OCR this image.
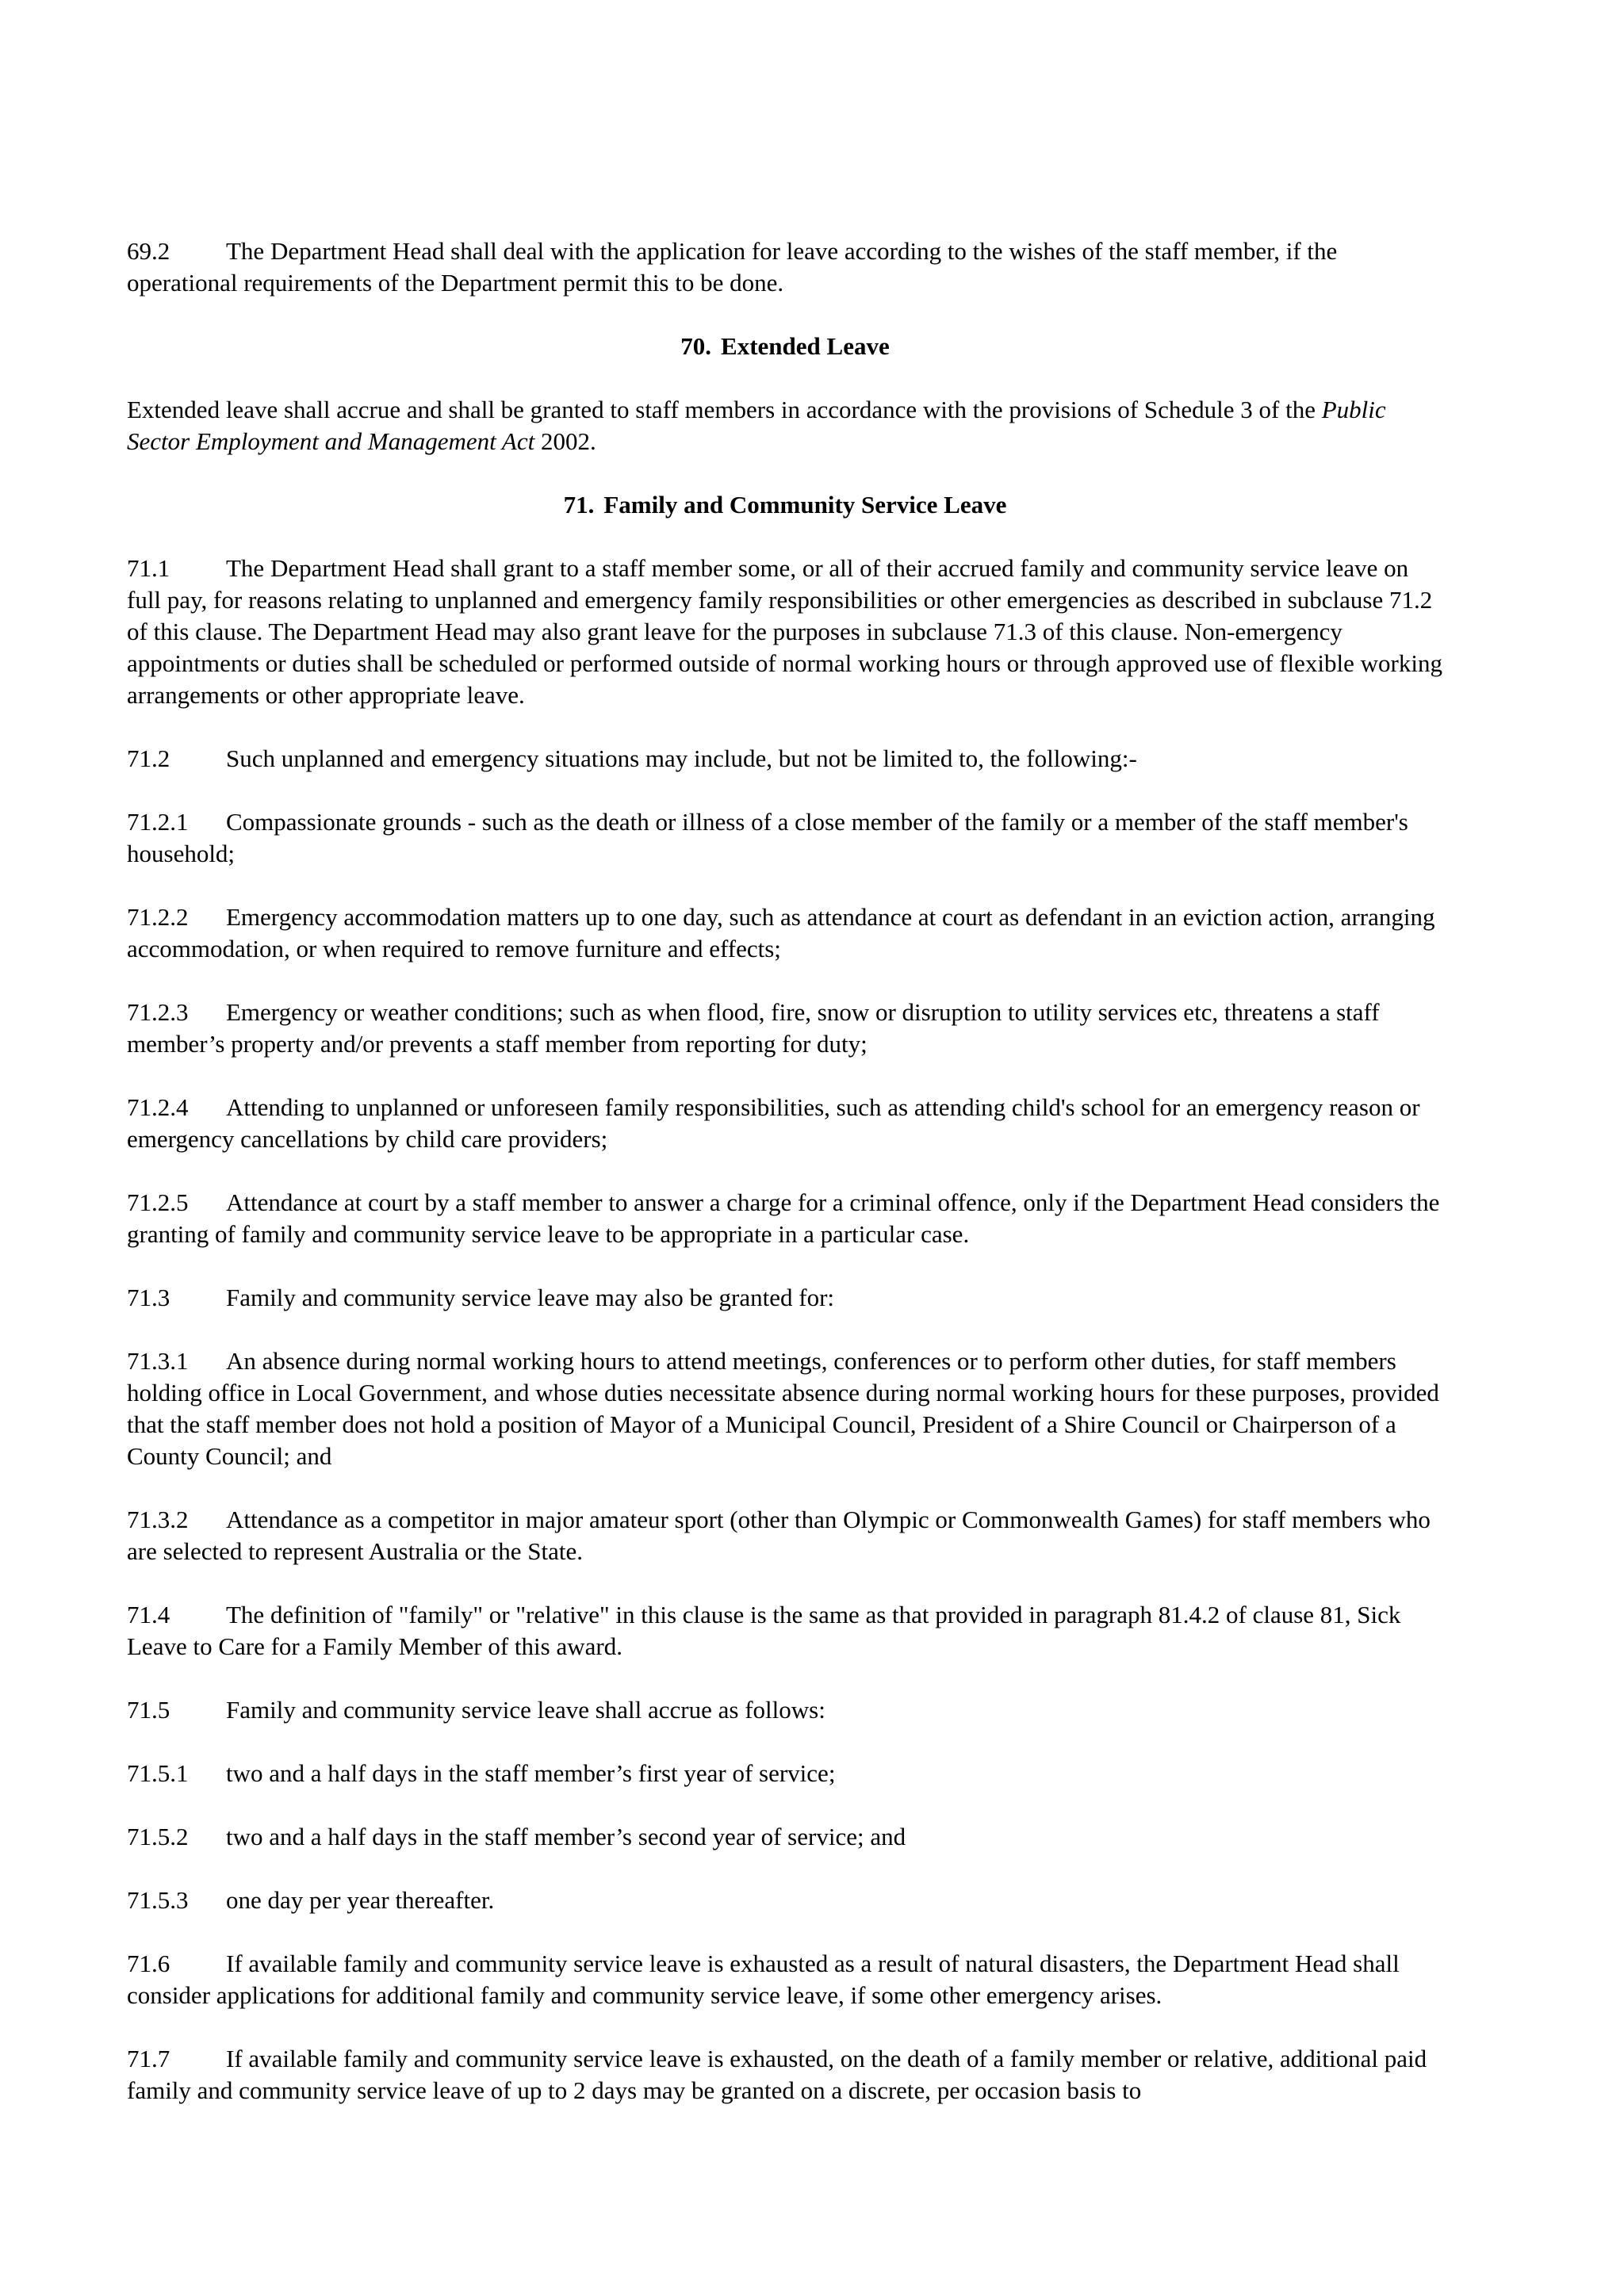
69.2 The Department Head shall deal with the application for leave according to the wishes of the staff member, if the operational requirements of the Department permit this to be done.

70. Extended Leave

Extended leave shall accrue and shall be granted to staff members in accordance with the provisions of Schedule 3 of the Public Sector Employment and Management Act 2002.

71. Family and Community Service Leave

71.1 The Department Head shall grant to a staff member some, or all of their accrued family and community service leave on full pay, for reasons relating to unplanned and emergency family responsibilities or other emergencies as described in subclause 71.2 of this clause. The Department Head may also grant leave for the purposes in subclause 71.3 of this clause. Non-emergency appointments or duties shall be scheduled or performed outside of normal working hours or through approved use of flexible working arrangements or other appropriate leave.

71.2 Such unplanned and emergency situations may include, but not be limited to, the following:-

71.2.1 Compassionate grounds - such as the death or illness of a close member of the family or a member of the staff member's household;

71.2.2 Emergency accommodation matters up to one day, such as attendance at court as defendant in an eviction action, arranging accommodation, or when required to remove furniture and effects;

71.2.3 Emergency or weather conditions; such as when flood, fire, snow or disruption to utility services etc, threatens a staff member’s property and/or prevents a staff member from reporting for duty;

71.2.4 Attending to unplanned or unforeseen family responsibilities, such as attending child's school for an emergency reason or emergency cancellations by child care providers;

71.2.5 Attendance at court by a staff member to answer a charge for a criminal offence, only if the Department Head considers the granting of family and community service leave to be appropriate in a particular case.

71.3 Family and community service leave may also be granted for:

71.3.1 An absence during normal working hours to attend meetings, conferences or to perform other duties, for staff members holding office in Local Government, and whose duties necessitate absence during normal working hours for these purposes, provided that the staff member does not hold a position of Mayor of a Municipal Council, President of a Shire Council or Chairperson of a County Council; and

71.3.2 Attendance as a competitor in major amateur sport (other than Olympic or Commonwealth Games) for staff members who are selected to represent Australia or the State.

71.4 The definition of "family" or "relative" in this clause is the same as that provided in paragraph 81.4.2 of clause 81, Sick Leave to Care for a Family Member of this award.

71.5 Family and community service leave shall accrue as follows:

71.5.1 two and a half days in the staff member’s first year of service;

71.5.2 two and a half days in the staff member’s second year of service; and

71.5.3 one day per year thereafter.

71.6 If available family and community service leave is exhausted as a result of natural disasters, the Department Head shall consider applications for additional family and community service leave, if some other emergency arises.

71.7 If available family and community service leave is exhausted, on the death of a family member or relative, additional paid family and community service leave of up to 2 days may be granted on a discrete, per occasion basis to
